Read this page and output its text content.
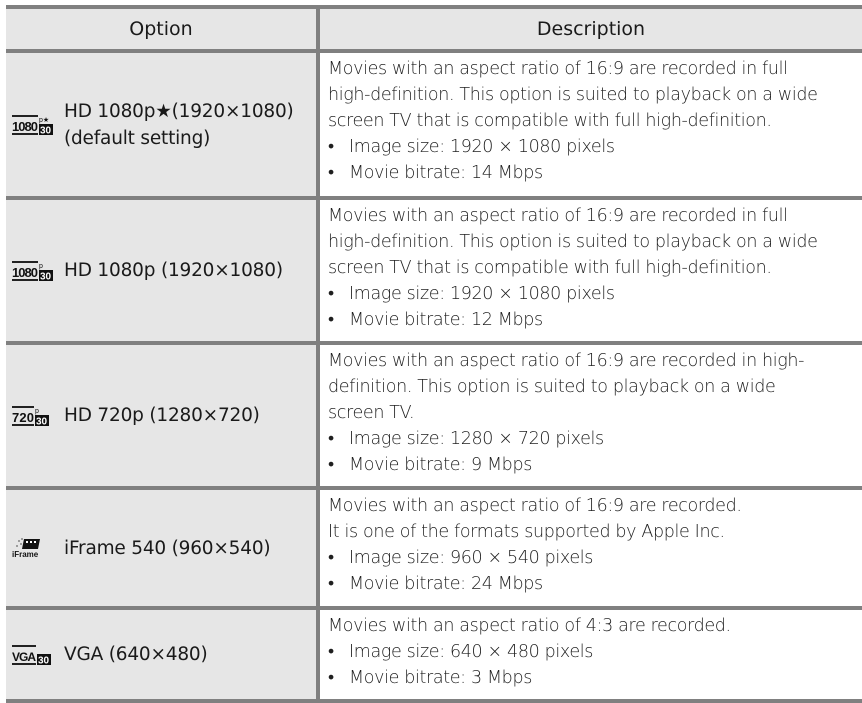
Option	Description
1080 p★
30
HD 1080p★(1920×1080)
(default setting)

Movies with an aspect ratio of 16:9 are recorded in full

high-definition. This option is suited to playback on a wide

screen TV that is compatible with full high-definition.

• Image size: 1920 × 1080 pixels
• Movie bitrate: 14 Mbps
1080 p
30 HD 1080p (1920×1080)

Movies with an aspect ratio of 16:9 are recorded in full

high-definition. This option is suited to playback on a wide

screen TV that is compatible with full high-definition.

• Image size: 1920 × 1080 pixels
• Movie bitrate: 12 Mbps
720 p
30 HD 720p (1280×720)

Movies with an aspect ratio of 16:9 are recorded in high-

definition. This option is suited to playback on a wide

screen TV.

• Image size: 1280 × 720 pixels
• Movie bitrate: 9 Mbps
iFrame iFrame 540 (960×540)

Movies with an aspect ratio of 16:9 are recorded.

It is one of the formats supported by Apple Inc.

• Image size: 960 × 540 pixels
• Movie bitrate: 24 Mbps
VGA 30 VGA (640×480)

Movies with an aspect ratio of 4:3 are recorded.

• Image size: 640 × 480 pixels
• Movie bitrate: 3 Mbps
